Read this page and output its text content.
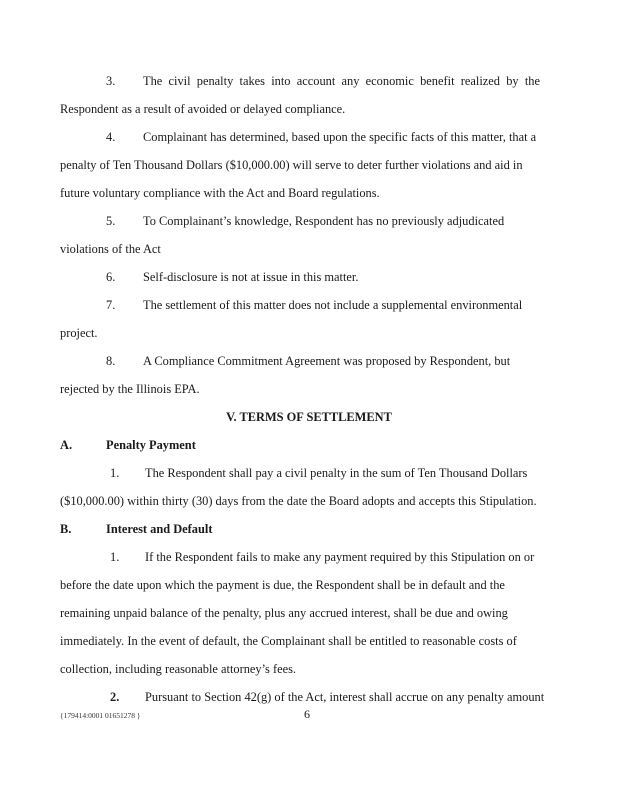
3. The civil penalty takes into account any economic benefit realized by the
Respondent as a result of avoided or delayed compliance.
4. Complainant has determined, based upon the specific facts of this matter, that a
penalty of Ten Thousand Dollars ($10,000.00) will serve to deter further violations and aid in
future voluntary compliance with the Act and Board regulations.
5. To Complainant’s knowledge, Respondent has no previously adjudicated
violations of the Act
6. Self-disclosure is not at issue in this matter.
7. The settlement of this matter does not include a supplemental environmental
project.
8. A Compliance Commitment Agreement was proposed by Respondent, but
rejected by the Illinois EPA.
V. TERMS OF SETTLEMENT
A.	Penalty Payment
1. The Respondent shall pay a civil penalty in the sum of Ten Thousand Dollars
($10,000.00) within thirty (30) days from the date the Board adopts and accepts this Stipulation.
B.	Interest and Default
1. If the Respondent fails to make any payment required by this Stipulation on or
before the date upon which the payment is due, the Respondent shall be in default and the
remaining unpaid balance of the penalty, plus any accrued interest, shall be due and owing
immediately. In the event of default, the Complainant shall be entitled to reasonable costs of
collection, including reasonable attorney’s fees.
2. Pursuant to Section 42(g) of the Act, interest shall accrue on any penalty amount
{179414:0001 01651278 }	6
